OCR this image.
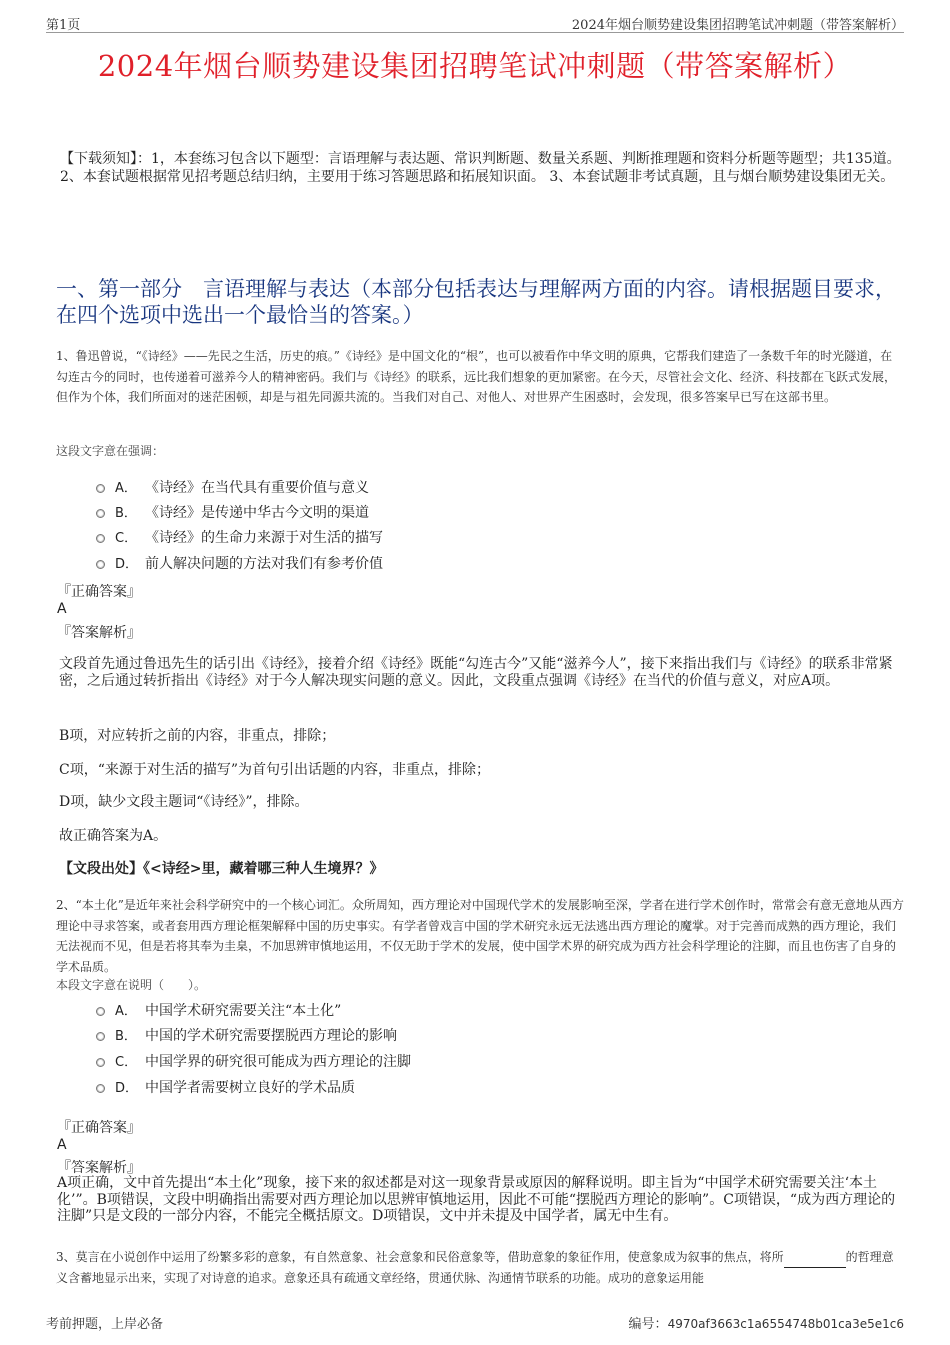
第1页	2024年烟台顺势建设集团招聘笔试冲刺题（带答案解析）
2024年烟台顺势建设集团招聘笔试冲刺题（带答案解析）
【下载须知】：1，本套练习包含以下题型：言语理解与表达题、常识判断题、数量关系题、判断推理题和资料分析题等题型；共135道。 2、本套试题根据常见招考题总结归纳，主要用于练习答题思路和拓展知识面。 3、本套试题非考试真题，且与烟台顺势建设集团无关。
一、第一部分　言语理解与表达（本部分包括表达与理解两方面的内容。请根据题目要求，在四个选项中选出一个最恰当的答案。）
1、鲁迅曾说，“《诗经》——先民之生活，历史的痕。”《诗经》是中国文化的“根”，也可以被看作中华文明的原典，它帮我们建造了一条数千年的时光隧道，在勾连古今的同时，也传递着可滋养今人的精神密码。我们与《诗经》的联系，远比我们想象的更加紧密。在今天，尽管社会文化、经济、科技都在飞跃式发展，但作为个体，我们所面对的迷茫困顿，却是与祖先同源共流的。当我们对自己、对他人、对世界产生困惑时，会发现，很多答案早已写在这部书里。
这段文字意在强调：
A． 《诗经》在当代具有重要价值与意义
B． 《诗经》是传递中华古今文明的渠道
C． 《诗经》的生命力来源于对生活的描写
D． 前人解决问题的方法对我们有参考价值
『正确答案』
A
『答案解析』
文段首先通过鲁迅先生的话引出《诗经》，接着介绍《诗经》既能“勾连古今”又能“滋养今人”，接下来指出我们与《诗经》的联系非常紧密，之后通过转折指出《诗经》对于今人解决现实问题的意义。因此，文段重点强调《诗经》在当代的价值与意义，对应A项。
B项，对应转折之前的内容，非重点，排除；
C项，“来源于对生活的描写”为首句引出话题的内容，非重点，排除；
D项，缺少文段主题词“《诗经》”，排除。
故正确答案为A。
【文段出处】《<诗经>里，藏着哪三种人生境界？》
2、“本土化”是近年来社会科学研究中的一个核心词汇。众所周知，西方理论对中国现代学术的发展影响至深，学者在进行学术创作时，常常会有意无意地从西方理论中寻求答案，或者套用西方理论框架解释中国的历史事实。有学者曾戏言中国的学术研究永远无法逃出西方理论的魔掌。对于完善而成熟的西方理论，我们无法视而不见，但是若将其奉为圭臬，不加思辨审慎地运用，不仅无助于学术的发展，使中国学术界的研究成为西方社会科学理论的注脚，而且也伤害了自身的学术品质。
本段文字意在说明（　　）。
A． 中国学术研究需要关注“本土化”
B． 中国的学术研究需要摆脱西方理论的影响
C． 中国学界的研究很可能成为西方理论的注脚
D． 中国学者需要树立良好的学术品质
『正确答案』
A
『答案解析』
A项正确，文中首先提出“本土化”现象，接下来的叙述都是对这一现象背景或原因的解释说明。即主旨为“中国学术研究需要关注‘本土化’”。B项错误，文段中明确指出需要对西方理论加以思辨审慎地运用，因此不可能“摆脱西方理论的影响”。C项错误，“成为西方理论的注脚”只是文段的一部分内容，不能完全概括原文。D项错误，文中并未提及中国学者，属无中生有。
3、莫言在小说创作中运用了纷繁多彩的意象，有自然意象、社会意象和民俗意象等，借助意象的象征作用，使意象成为叙事的焦点，将所	的哲理意义含蓄地显示出来，实现了对诗意的追求。意象还具有疏通文章经络，贯通伏脉、沟通情节联系的功能。成功的意象运用能
考前押题，上岸必备	编号：4970af3663c1a6554748b01ca3e5e1c6
